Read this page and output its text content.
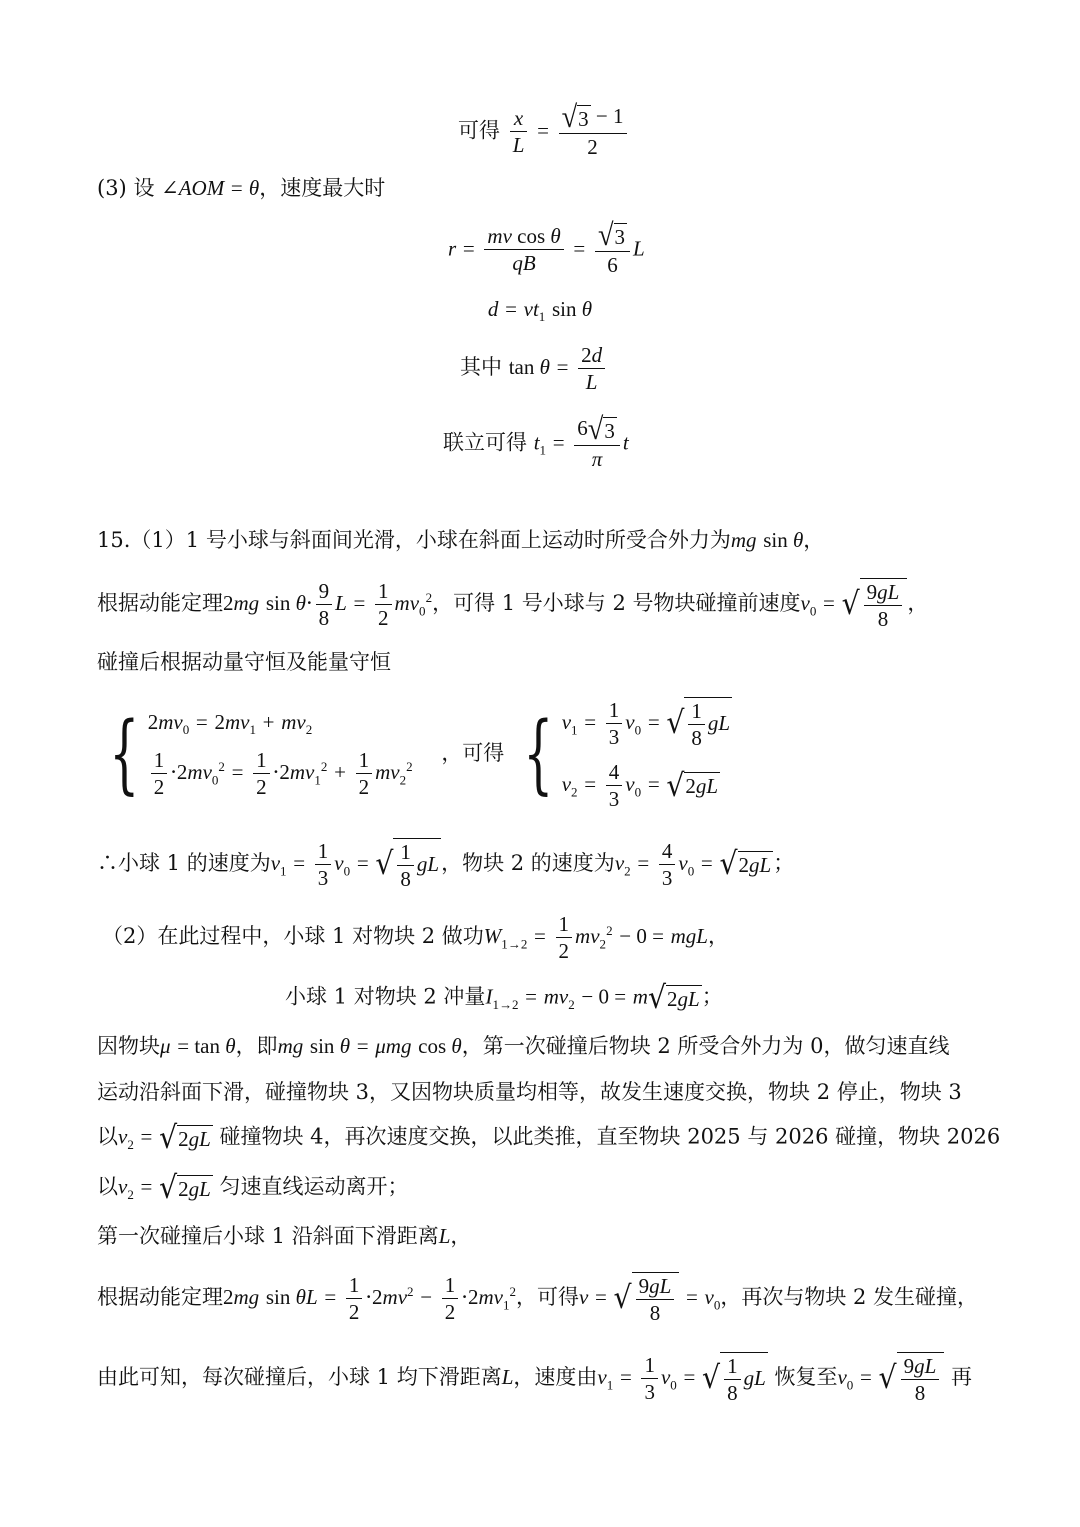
可得 $\frac{x}{L} = \frac{√3 - 1}{2}$
(3) 设 ∠AOM = θ，速度最大时
$r = \frac{\text{mv cos θ}}{qB} = \frac{√3}{6}$ L
$d = vt_1$ sin θ
其中 $\tan \theta = \frac{2d}{L}$
联立可得 $t_1 = \frac{6√3}{\pi}$ t
15.（1）1 号小球与斜面间光滑，小球在斜面上运动时所受合外力为mg sin θ，
根据动能定理2mg $\sin \theta\cdot \frac{9}{8}$ $L = \frac{1}{2} mv_0^2$，可得 1 号小球与 2 号物块碰撞前速度$v_0$ = √ $\frac{9gL}{8}$ ，
碰撞后根据动量守恒及能量守恒
{ $2mv_0 = 2mv_1 + mv_2$
$\frac{1}{2} \cdot 2mv_0^2 = \frac{1}{2} \cdot 2mv_1^2 + \frac{1}{2} mv_2^2$
，可得 { $v_1 = \frac{1}{3} v_0$ = √ $\frac{1}{8}$ gL
$v_2 = \frac{4}{3} v_0 = √2gL$
∴小球 1 的速度为$v_1 = \frac{1}{3} v_0$ = √ $\frac{1}{8}$ gL，物块 2 的速度为$v_2 = \frac{4}{3} v_0 = √2gL$；
（2）在此过程中，小球 1 对物块 2 做功$W_{1\to 2} = \frac{1}{2} mv_2^2 - 0$ = mgL，
小球 1 对物块 2 冲量$I_{1\to 2} = mv_2 - 0 = m√2gL$；
因物块μ = tan θ，即mg sin θ = μmg cos θ，第一次碰撞后物块 2 所受合外力为 0，做匀速直线
运动沿斜面下滑，碰撞物块 3，又因物块质量均相等，故发生速度交换，物块 2 停止，物块 3
以$v_2 = √2gL$ 碰撞物块 4，再次速度交换，以此类推，直至物块 2025 与 2026 碰撞，物块 2026
以$v_2 = √2gL$ 匀速直线运动离开；
第一次碰撞后小球 1 沿斜面下滑距离L，
根据动能定理2mg $\sin \theta L = \frac{1}{2} \cdot 2mv^2 - \frac{1}{2} \cdot 2mv_1^2$，可得v = √ $\frac{9gL}{8} = v_0$，再次与物块 2 发生碰撞，
由此可知，每次碰撞后，小球 1 均下滑距离L，速度由$v_1 = \frac{1}{3} v_0$ = √ $\frac{1}{8}$ gL 恢复至$v_0$ = √ $\frac{9gL}{8}$ 再
